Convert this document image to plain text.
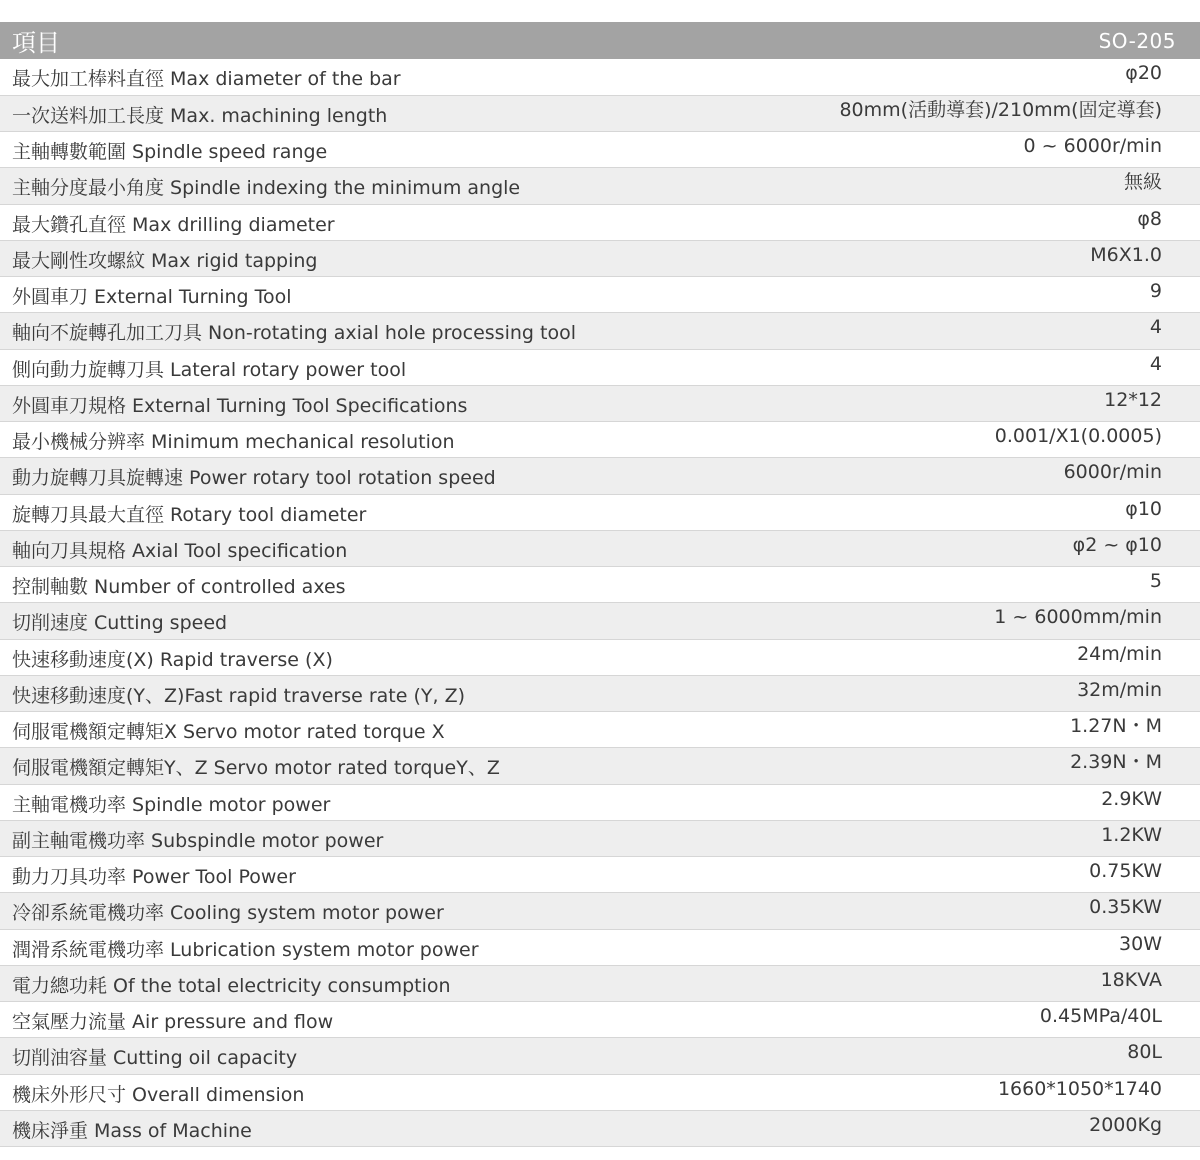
項目	SO-205
最大加工棒料直徑 Max diameter of the bar	φ20
一次送料加工長度 Max. machining length	80mm(活動導套)/210mm(固定導套)
主軸轉數範圍 Spindle speed range	0 ~ 6000r/min
主軸分度最小角度 Spindle indexing the minimum angle	無級
最大鑽孔直徑 Max drilling diameter	φ8
最大剛性攻螺紋 Max rigid tapping	M6X1.0
外圓車刀 External Turning Tool	9
軸向不旋轉孔加工刀具 Non-rotating axial hole processing tool	4
側向動力旋轉刀具 Lateral rotary power tool	4
外圓車刀規格 External Turning Tool Specifications	12*12
最小機械分辨率 Minimum mechanical resolution	0.001/X1(0.0005)
動力旋轉刀具旋轉速 Power rotary tool rotation speed	6000r/min
旋轉刀具最大直徑 Rotary tool diameter	φ10
軸向刀具規格 Axial Tool specification	φ2 ~ φ10
控制軸數 Number of controlled axes	5
切削速度 Cutting speed	1 ~ 6000mm/min
快速移動速度(X) Rapid traverse (X)	24m/min
快速移動速度(Y、Z)Fast rapid traverse rate (Y, Z)	32m/min
伺服電機額定轉矩X Servo motor rated torque X	1.27N・M
伺服電機額定轉矩Y、Z Servo motor rated torqueY、Z	2.39N・M
主軸電機功率 Spindle motor power	2.9KW
副主軸電機功率 Subspindle motor power	1.2KW
動力刀具功率 Power Tool Power	0.75KW
冷卻系統電機功率 Cooling system motor power	0.35KW
潤滑系統電機功率 Lubrication system motor power	30W
電力總功耗 Of the total electricity consumption	18KVA
空氣壓力流量 Air pressure and flow	0.45MPa/40L
切削油容量 Cutting oil capacity	80L
機床外形尺寸 Overall dimension	1660*1050*1740
機床淨重 Mass of Machine	2000Kg
